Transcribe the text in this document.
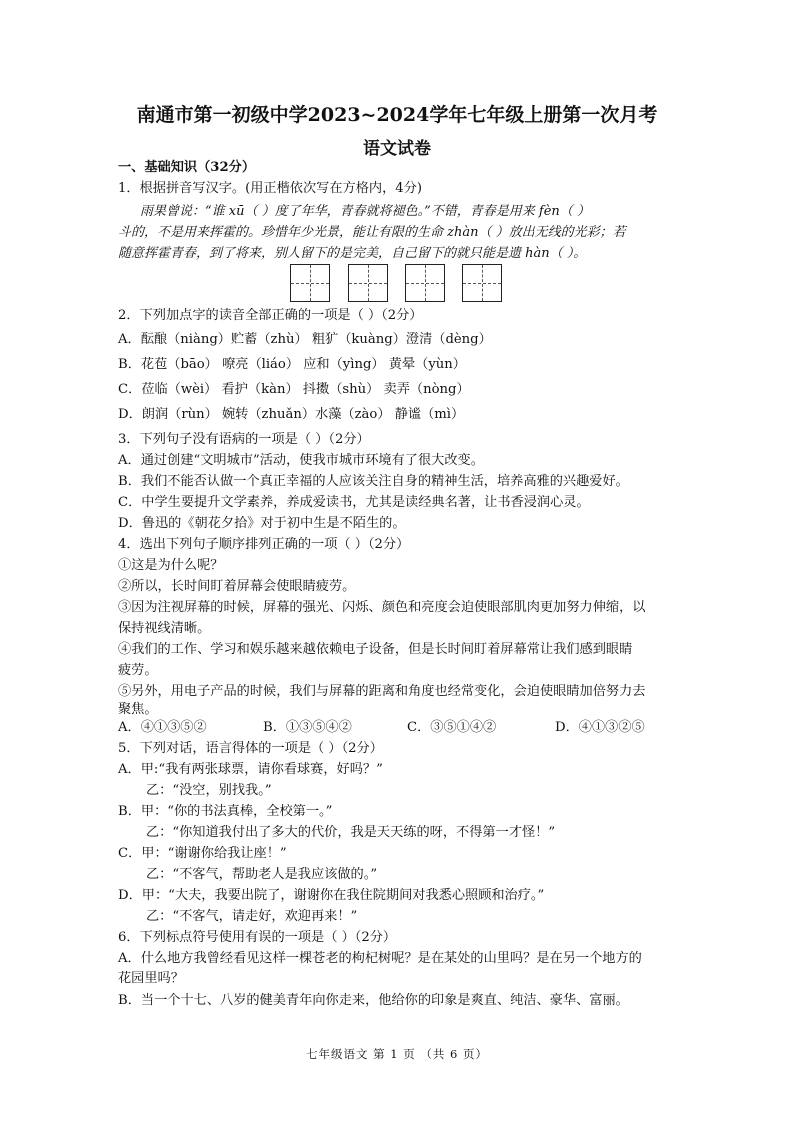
南通市第一初级中学2023~2024学年七年级上册第一次月考
语文试卷
一、基础知识（32分）
1．根据拼音写汉字。(用正楷依次写在方格内，4分)
雨果曾说：“谁 xū（ ）度了年华，青春就将褪色。”不错，青春是用来 fèn（ ）
斗的，不是用来挥霍的。珍惜年少光景，能让有限的生命 zhàn（ ）放出无线的光彩；若
随意挥霍青春，到了将来，别人留下的是完美，自己留下的就只能是遗 hàn（ ）。
2．下列加点字的读音全部正确的一项是（ ）（2分）
A．酝酿（niàng）贮蓄（zhù） 粗犷（kuàng）澄清（dèng）
B．花苞（bāo） 嘹亮（liáo） 应和（yìng） 黄晕（yùn）
C．莅临（wèi） 看护（kàn） 抖擞（shù） 卖弄（nòng）
D．朗润（rùn） 婉转（zhuǎn）水藻（zào） 静谧（mì）
3．下列句子没有语病的一项是（ ）（2分）
A．通过创建“文明城市”活动，使我市城市环境有了很大改变。
B．我们不能否认做一个真正幸福的人应该关注自身的精神生活，培养高雅的兴趣爱好。
C．中学生要提升文学素养，养成爱读书，尤其是读经典名著，让书香浸润心灵。
D．鲁迅的《朝花夕拾》对于初中生是不陌生的。
4．选出下列句子顺序排列正确的一项（ ）（2分）
①这是为什么呢？
②所以，长时间盯着屏幕会使眼睛疲劳。
③因为注视屏幕的时候，屏幕的强光、闪烁、颜色和亮度会迫使眼部肌肉更加努力伸缩，以
保持视线清晰。
④我们的工作、学习和娱乐越来越依赖电子设备，但是长时间盯着屏幕常让我们感到眼睛
疲劳。
⑤另外，用电子产品的时候，我们与屏幕的距离和角度也经常变化，会迫使眼睛加倍努力去
聚焦。
A．④①③⑤②	B．①③⑤④②	C．③⑤①④②	D．④①③②⑤
5．下列对话，语言得体的一项是（ ）（2分）
A．甲:“我有两张球票，请你看球赛，好吗？”
乙：“没空，别找我。”
B．甲：“你的书法真棒，全校第一。”
乙：“你知道我付出了多大的代价，我是天天练的呀，不得第一才怪！”
C．甲：“谢谢你给我让座！”
乙：“不客气，帮助老人是我应该做的。”
D．甲：“大夫，我要出院了，谢谢你在我住院期间对我悉心照顾和治疗。”
乙：“不客气，请走好，欢迎再来！”
6．下列标点符号使用有误的一项是（ ）（2分）
A．什么地方我曾经看见这样一棵苍老的枸杞树呢？是在某处的山里吗？是在另一个地方的
花园里吗？
B．当一个十七、八岁的健美青年向你走来，他给你的印象是爽直、纯洁、豪华、富丽。
七年级语文 第 1 页 （共 6 页）
